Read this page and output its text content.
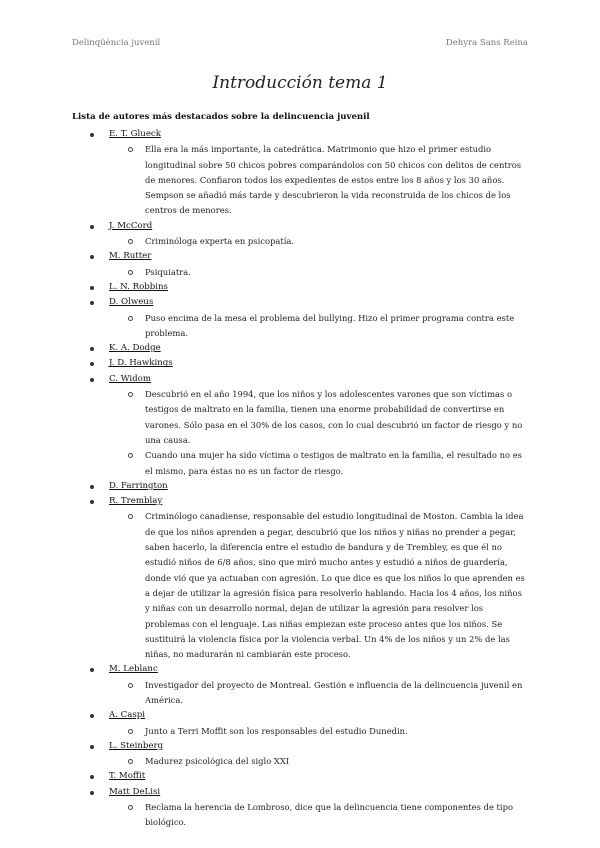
Delinqüència juvenil	Dehyra Sans Reina
Introducción tema 1
Lista de autores más destacados sobre la delincuencia juvenil
E. T. Glueck
Ella era la más importante, la catedrática. Matrimonio que hizo el primer estudio longitudinal sobre 50 chicos pobres comparándolos con 50 chicos con delitos de centros de menores. Confiaron todos los expedientes de estos entre los 8 años y los 30 años. Sempson se añadió más tarde y descubrieron la vida reconstruida de los chicos de los centros de menores.
J. McCord
Criminóloga experta en psicopatía.
M. Rutter
Psiquiatra.
L. N. Robbins
D. Olweus
Puso encima de la mesa el problema del bullying. Hizo el primer programa contra este problema.
K. A. Dodge
J. D. Hawkings
C. Widom
Descubrió en el año 1994, que los niños y los adolescentes varones que son víctimas o testigos de maltrato en la familia, tienen una enorme probabilidad de convertirse en varones. Sólo pasa en el 30% de los casos, con lo cual descubrió un factor de riesgo y no una causa.
Cuando una mujer ha sido víctima o testigos de maltrato en la familia, el resultado no es el mismo, para éstas no es un factor de riesgo.
D. Farrington
R. Tremblay
Criminólogo canadiense, responsable del estudio longitudinal de Moston. Cambia la idea de que los niños aprenden a pegar, descubrió que los niños y niñas no prender a pegar, saben hacerlo, la diferencia entre el estudio de bandura y de Trembley, es que él no estudió niños de 6/8 años, sino que miró mucho antes y estudió a niños de guardería, donde vió que ya actuaban con agresión. Lo que dice es que los niños lo que aprenden es a dejar de utilizar la agresión física para resolverlo hablando. Hacia los 4 años, los niños y niñas con un desarrollo normal, dejan de utilizar la agresión para resolver los problemas con el lenguaje. Las niñas empiezan este proceso antes que los niños. Se sustituirá la violencia física por la violencia verbal. Un 4% de los niños y un 2% de las niñas, no madurarán ni cambiarán este proceso.
M. Leblanc
Investigador del proyecto de Montreal. Gestión e influencia de la delincuencia juvenil en América.
A. Caspi
Junto a Terri Moffit son los responsables del estudio Dunedin.
L. Steinberg
Madurez psicológica del siglo XXI
T. Moffit
Matt DeLisi
Reclama la herencia de Lombroso, dice que la delincuencia tiene componentes de tipo biológico.
